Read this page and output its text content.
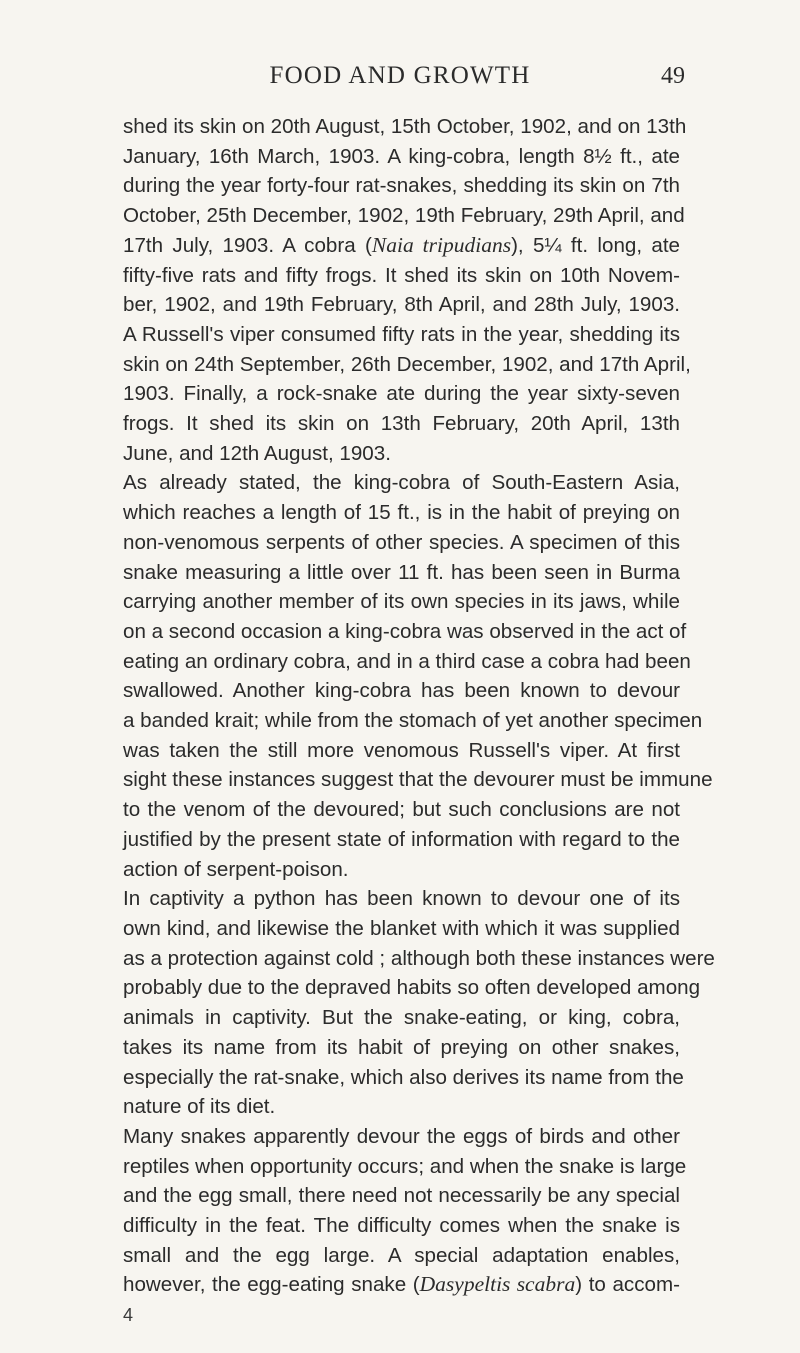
FOOD AND GROWTH	49

shed its skin on 20th August, 15th October, 1902, and on 13th
January, 16th March, 1903. A king-cobra, length 8½ ft., ate
during the year forty-four rat-snakes, shedding its skin on 7th
October, 25th December, 1902, 19th February, 29th April, and
17th July, 1903. A cobra (Naia tripudians), 5¼ ft. long, ate
fifty-five rats and fifty frogs. It shed its skin on 10th Novem-
ber, 1902, and 19th February, 8th April, and 28th July, 1903.
A Russell's viper consumed fifty rats in the year, shedding its
skin on 24th September, 26th December, 1902, and 17th April,
1903. Finally, a rock-snake ate during the year sixty-seven
frogs. It shed its skin on 13th February, 20th April, 13th
June, and 12th August, 1903.

As already stated, the king-cobra of South-Eastern Asia,
which reaches a length of 15 ft., is in the habit of preying on
non-venomous serpents of other species. A specimen of this
snake measuring a little over 11 ft. has been seen in Burma
carrying another member of its own species in its jaws, while
on a second occasion a king-cobra was observed in the act of
eating an ordinary cobra, and in a third case a cobra had been
swallowed. Another king-cobra has been known to devour
a banded krait; while from the stomach of yet another specimen
was taken the still more venomous Russell's viper. At first
sight these instances suggest that the devourer must be immune
to the venom of the devoured; but such conclusions are not
justified by the present state of information with regard to the
action of serpent-poison.

In captivity a python has been known to devour one of its
own kind, and likewise the blanket with which it was supplied
as a protection against cold ; although both these instances were
probably due to the depraved habits so often developed among
animals in captivity. But the snake-eating, or king, cobra,
takes its name from its habit of preying on other snakes,
especially the rat-snake, which also derives its name from the
nature of its diet.

Many snakes apparently devour the eggs of birds and other
reptiles when opportunity occurs; and when the snake is large
and the egg small, there need not necessarily be any special
difficulty in the feat. The difficulty comes when the snake is
small and the egg large. A special adaptation enables,
however, the egg-eating snake (Dasypeltis scabra) to accom-

4
